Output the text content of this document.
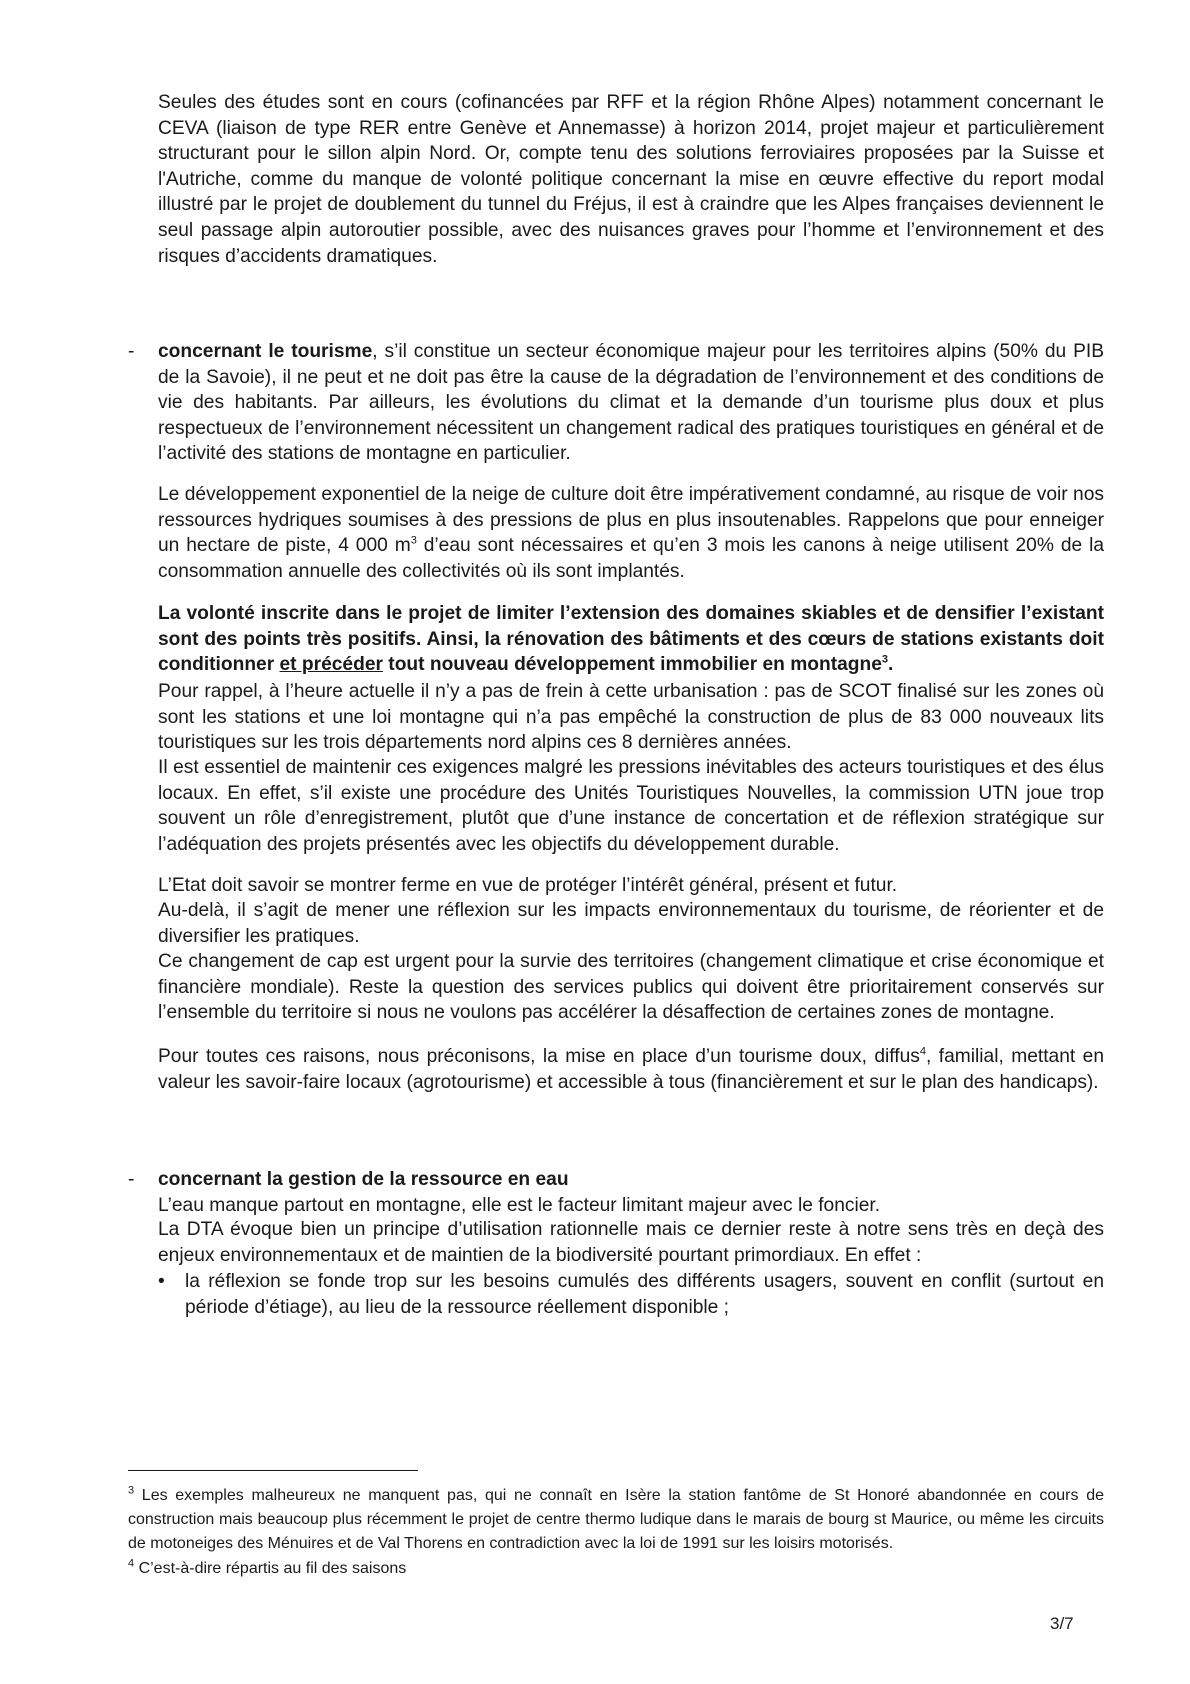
Seules des études sont en cours (cofinancées par RFF et la région Rhône Alpes) notamment concernant le CEVA (liaison de type RER entre Genève et Annemasse) à horizon 2014, projet majeur et particulièrement structurant pour le sillon alpin Nord. Or, compte tenu des solutions ferroviaires proposées par la Suisse et l'Autriche, comme du manque de volonté politique concernant la mise en œuvre effective du report modal illustré par le projet de doublement du tunnel du Fréjus, il est à craindre que les Alpes françaises deviennent le seul passage alpin autoroutier possible, avec des nuisances graves pour l’homme et l’environnement et des risques d’accidents dramatiques.

- concernant le tourisme, s’il constitue un secteur économique majeur pour les territoires alpins (50% du PIB de la Savoie), il ne peut et ne doit pas être la cause de la dégradation de l’environnement et des conditions de vie des habitants. Par ailleurs, les évolutions du climat et la demande d’un tourisme plus doux et plus respectueux de l’environnement nécessitent un changement radical des pratiques touristiques en général et de l’activité des stations de montagne en particulier.

Le développement exponentiel de la neige de culture doit être impérativement condamné, au risque de voir nos ressources hydriques soumises à des pressions de plus en plus insoutenables. Rappelons que pour enneiger un hectare de piste, 4 000 $m^3$ d’eau sont nécessaires et qu’en 3 mois les canons à neige utilisent 20% de la consommation annuelle des collectivités où ils sont implantés.

La volonté inscrite dans le projet de limiter l’extension des domaines skiables et de densifier l’existant sont des points très positifs. Ainsi, la rénovation des bâtiments et des cœurs de stations existants doit conditionner et précéder tout nouveau développement immobilier en montagne$^3$.

Pour rappel, à l’heure actuelle il n’y a pas de frein à cette urbanisation : pas de SCOT finalisé sur les zones où sont les stations et une loi montagne qui n’a pas empêché la construction de plus de 83 000 nouveaux lits touristiques sur les trois départements nord alpins ces 8 dernières années.

Il est essentiel de maintenir ces exigences malgré les pressions inévitables des acteurs touristiques et des élus locaux. En effet, s’il existe une procédure des Unités Touristiques Nouvelles, la commission UTN joue trop souvent un rôle d’enregistrement, plutôt que d’une instance de concertation et de réflexion stratégique sur l’adéquation des projets présentés avec les objectifs du développement durable.

L’Etat doit savoir se montrer ferme en vue de protéger l’intérêt général, présent et futur.

Au-delà, il s’agit de mener une réflexion sur les impacts environnementaux du tourisme, de réorienter et de diversifier les pratiques.

Ce changement de cap est urgent pour la survie des territoires (changement climatique et crise économique et financière mondiale). Reste la question des services publics qui doivent être prioritairement conservés sur l’ensemble du territoire si nous ne voulons pas accélérer la désaffection de certaines zones de montagne.

Pour toutes ces raisons, nous préconisons, la mise en place d’un tourisme doux, diffus$^4$, familial, mettant en valeur les savoir-faire locaux (agrotourisme) et accessible à tous (financièrement et sur le plan des handicaps).

- concernant la gestion de la ressource en eau

L’eau manque partout en montagne, elle est le facteur limitant majeur avec le foncier.

La DTA évoque bien un principe d’utilisation rationnelle mais ce dernier reste à notre sens très en deçà des enjeux environnementaux et de maintien de la biodiversité pourtant primordiaux. En effet :

• la réflexion se fonde trop sur les besoins cumulés des différents usagers, souvent en conflit (surtout en période d’étiage), au lieu de la ressource réellement disponible ;

$^3$ Les exemples malheureux ne manquent pas, qui ne connaît en Isère la station fantôme de St Honoré abandonnée en cours de construction mais beaucoup plus récemment le projet de centre thermo ludique dans le marais de bourg st Maurice, ou même les circuits de motoneiges des Ménuires et de Val Thorens en contradiction avec la loi de 1991 sur les loisirs motorisés.

$^4$ C’est-à-dire répartis au fil des saisons

3/7
